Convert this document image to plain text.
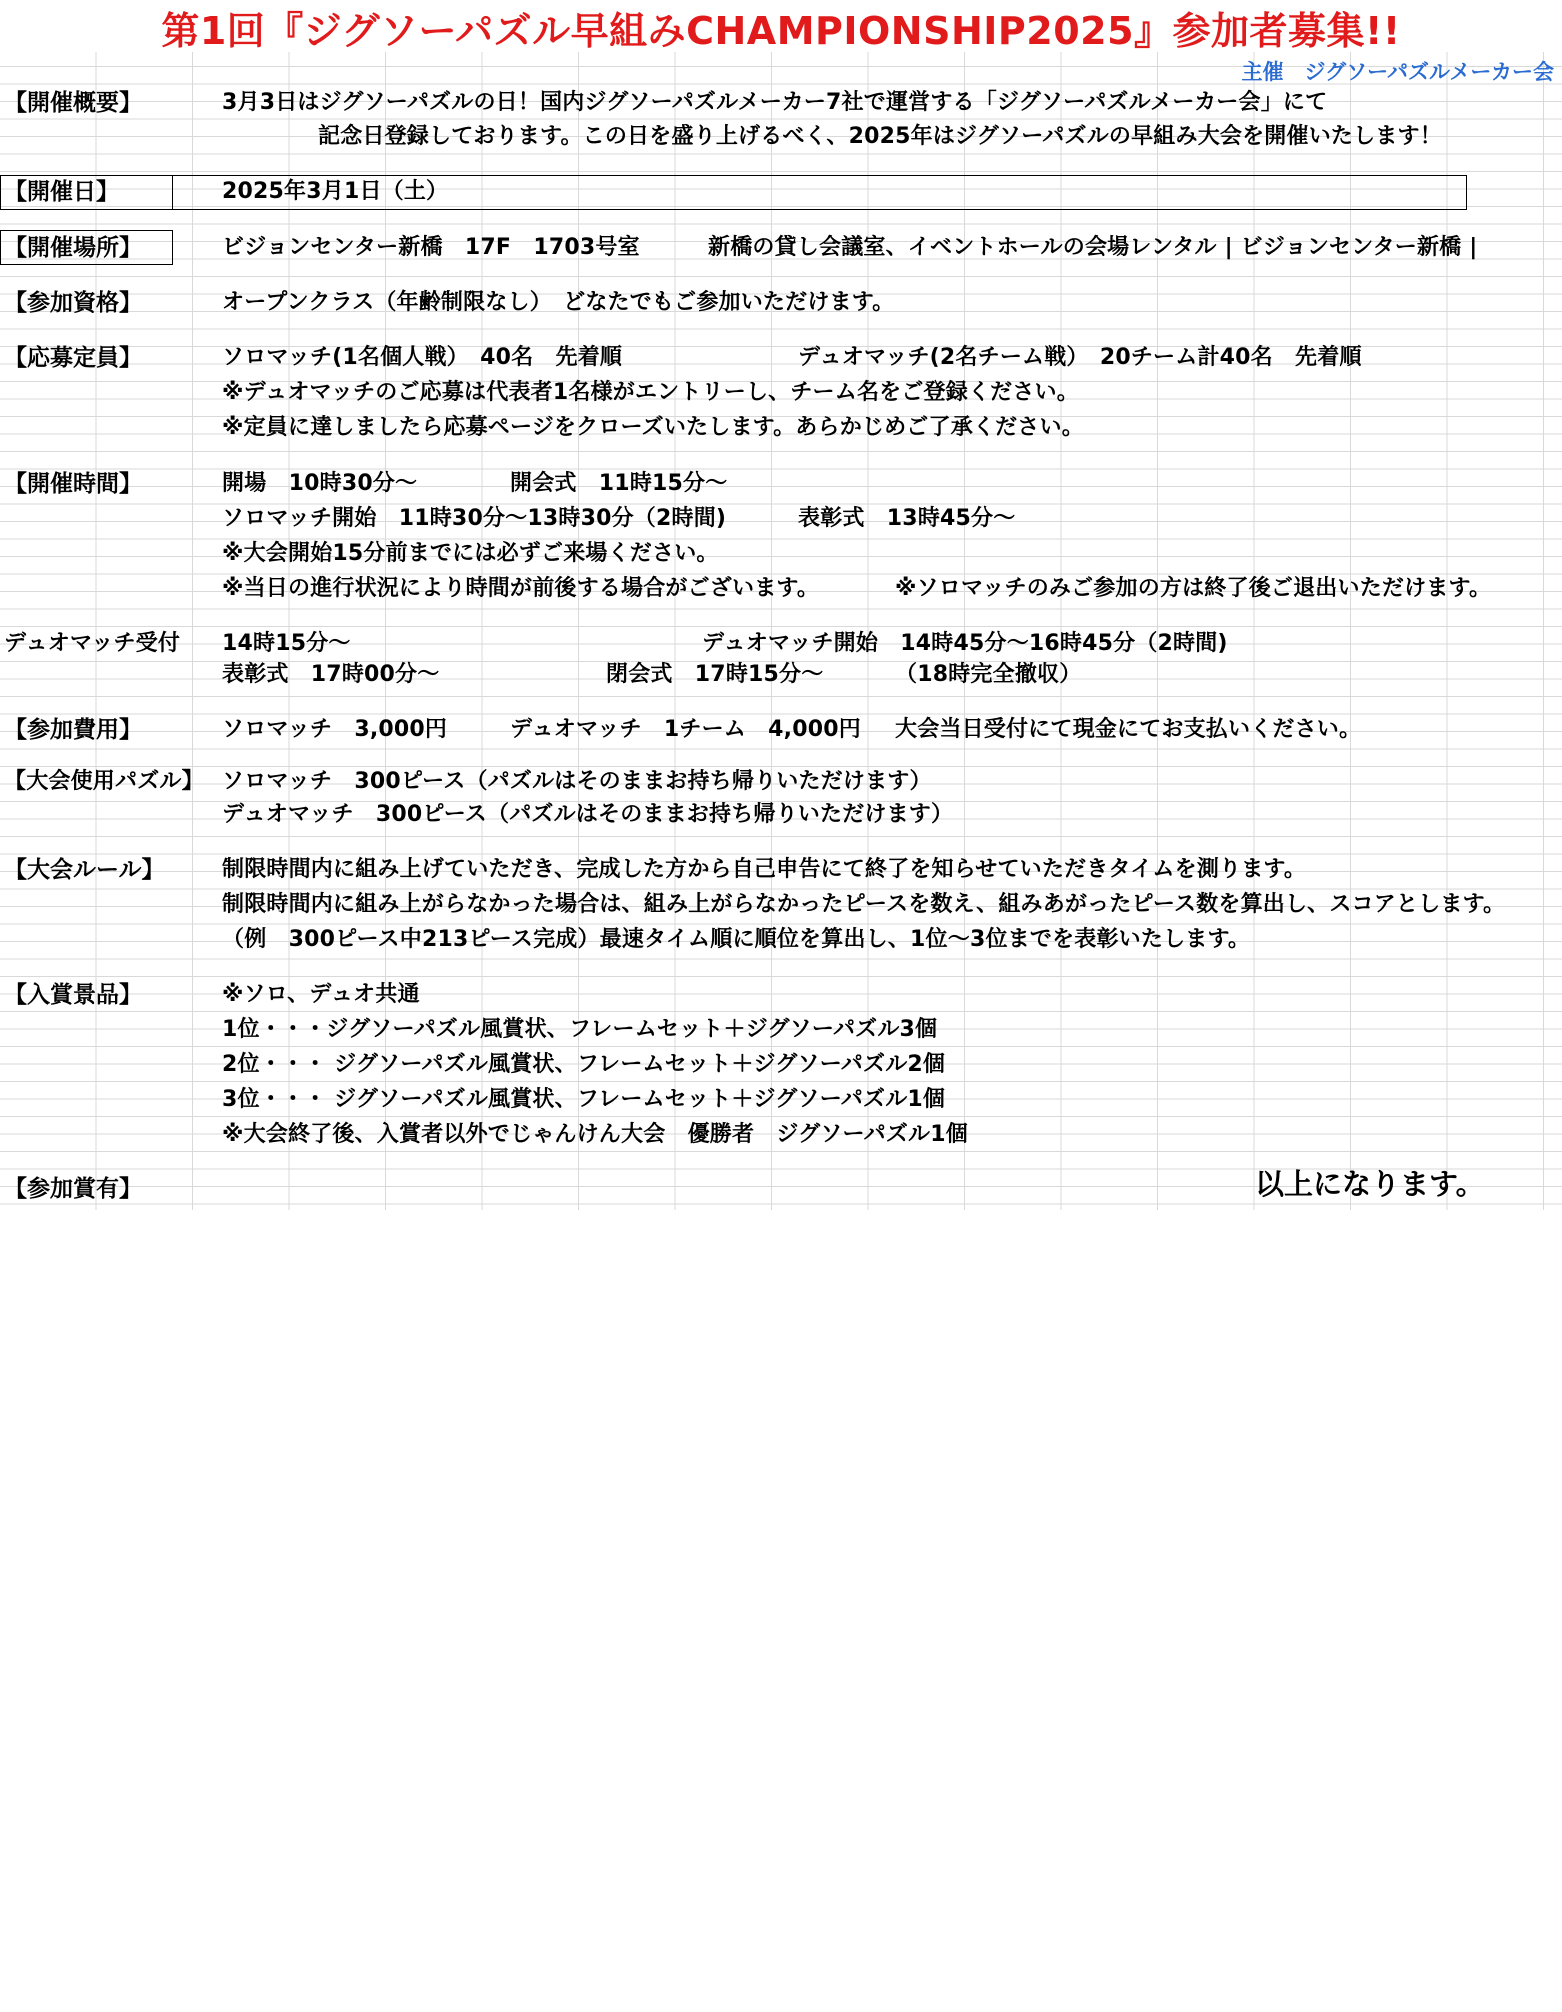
第1回『ジグソーパズル早組みCHAMPIONSHIP2025』参加者募集!!
主催　ジグソーパズルメーカー会
【開催概要】	3月3日はジグソーパズルの日！国内ジグソーパズルメーカー7社で運営する「ジグソーパズルメーカー会」にて
記念日登録しております。この日を盛り上げるべく、2025年はジグソーパズルの早組み大会を開催いたします！
【開催日】	2025年3月1日（土）
【開催場所】	ビジョンセンター新橋　17F　1703号室	新橋の貸し会議室、イベントホールの会場レンタル | ビジョンセンター新橋 |
【参加資格】	オープンクラス（年齢制限なし）　どなたでもご参加いただけます。
【応募定員】	ソロマッチ(1名個人戦）　40名　先着順	デュオマッチ(2名チーム戦）　20チーム計40名　先着順
※デュオマッチのご応募は代表者1名様がエントリーし、チーム名をご登録ください。
※定員に達しましたら応募ページをクローズいたします。あらかじめご了承ください。
【開催時間】	開場　10時30分～	開会式　11時15分～
ソロマッチ開始　11時30分～13時30分（2時間)	表彰式　13時45分～
※大会開始15分前までには必ずご来場ください。
※当日の進行状況により時間が前後する場合がございます。	※ソロマッチのみご参加の方は終了後ご退出いただけます。
デュオマッチ受付 14時15分～	デュオマッチ開始　14時45分～16時45分（2時間)
表彰式　17時00分～	閉会式　17時15分～	（18時完全撤収）
【参加費用】	ソロマッチ　3,000円	デュオマッチ　1チーム　4,000円 大会当日受付にて現金にてお支払いください。
【大会使用パズル】 ソロマッチ　300ピース（パズルはそのままお持ち帰りいただけます）
デュオマッチ　300ピース（パズルはそのままお持ち帰りいただけます）
【大会ルール】	制限時間内に組み上げていただき、完成した方から自己申告にて終了を知らせていただきタイムを測ります。
制限時間内に組み上がらなかった場合は、組み上がらなかったピースを数え、組みあがったピース数を算出し、スコアとします。
（例　300ピース中213ピース完成）最速タイム順に順位を算出し、1位～3位までを表彰いたします。
【入賞景品】	※ソロ、デュオ共通
1位・・・ジグソーパズル風賞状、フレームセット＋ジグソーパズル3個
2位・・・ ジグソーパズル風賞状、フレームセット＋ジグソーパズル2個
3位・・・ ジグソーパズル風賞状、フレームセット＋ジグソーパズル1個
※大会終了後、入賞者以外でじゃんけん大会　優勝者　ジグソーパズル1個
【参加賞有】	以上になります。
